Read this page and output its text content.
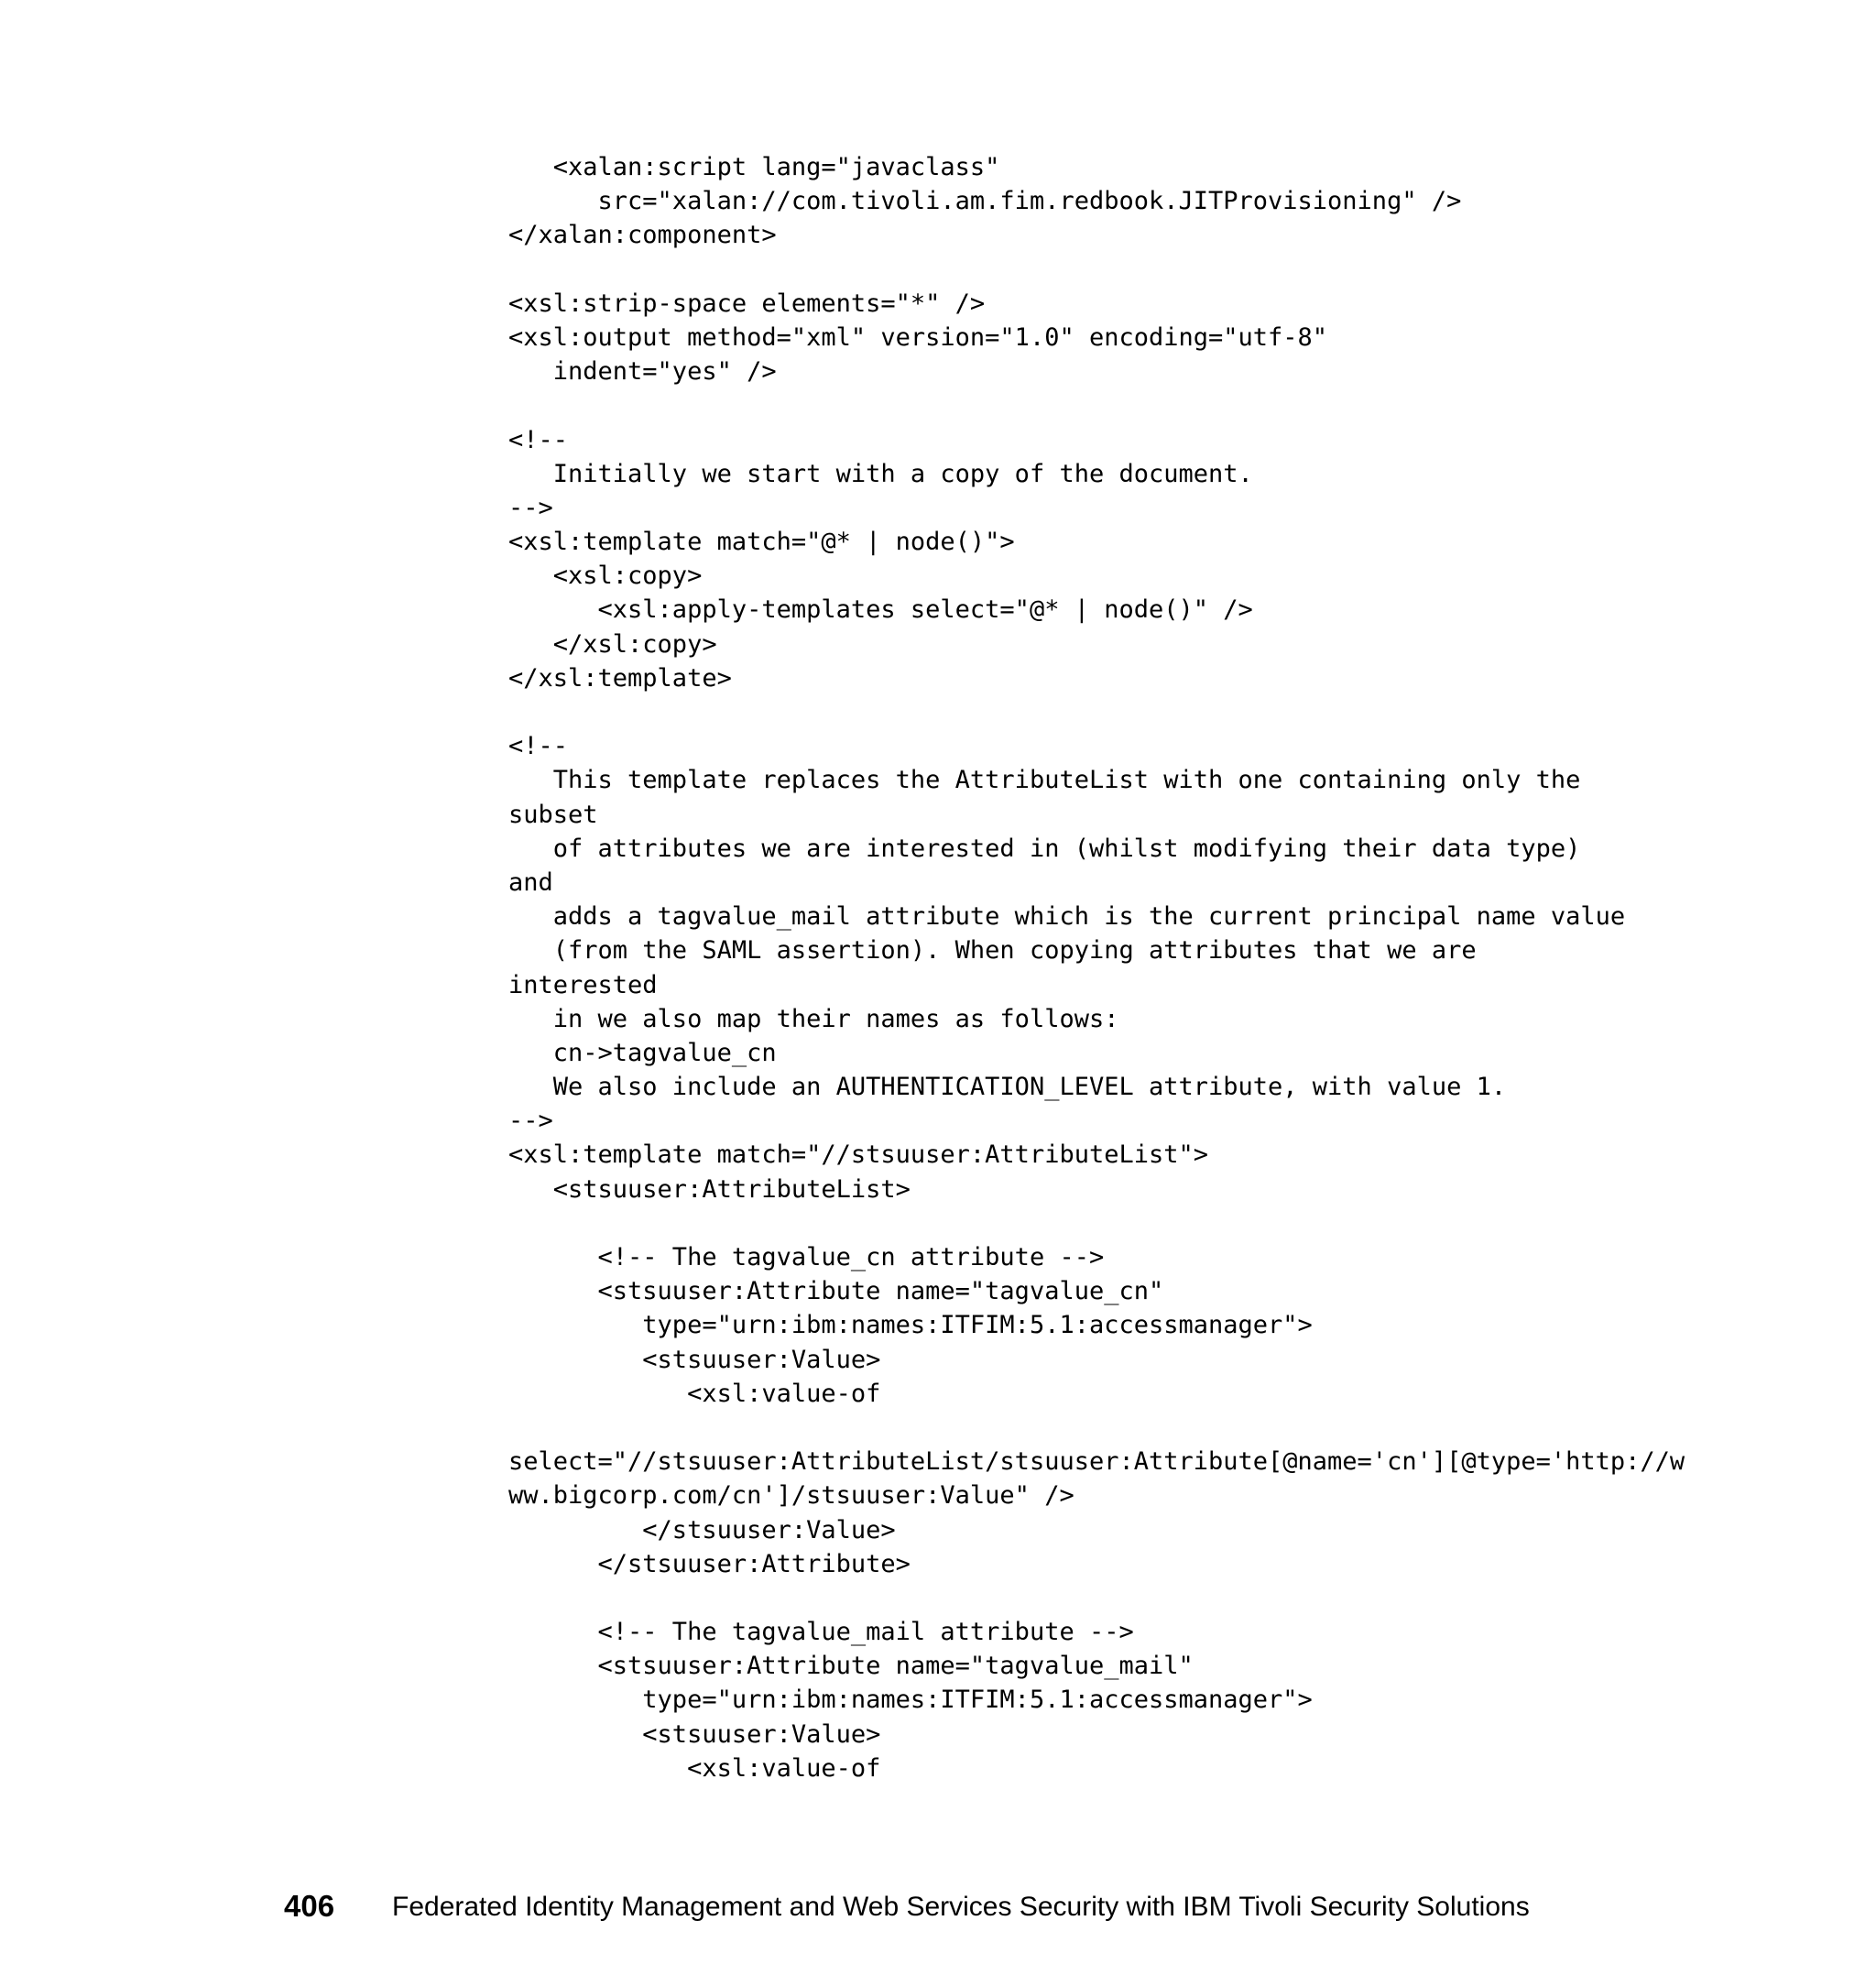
<xalan:script lang="javaclass"
src="xalan://com.tivoli.am.fim.redbook.JITProvisioning" />
</xalan:component>
<xsl:strip-space elements="*" />
<xsl:output method="xml" version="1.0" encoding="utf-8"
indent="yes" />
<!--
Initially we start with a copy of the document.
-->
<xsl:template match="@* | node()">
<xsl:copy>
<xsl:apply-templates select="@* | node()" />
</xsl:copy>
</xsl:template>
<!--
This template replaces the AttributeList with one containing only the
subset
of attributes we are interested in (whilst modifying their data type)
and
adds a tagvalue_mail attribute which is the current principal name value
(from the SAML assertion). When copying attributes that we are
interested
in we also map their names as follows:
cn->tagvalue_cn
We also include an AUTHENTICATION_LEVEL attribute, with value 1.
-->
<xsl:template match="//stsuuser:AttributeList">
<stsuuser:AttributeList>
<!-- The tagvalue_cn attribute -->
<stsuuser:Attribute name="tagvalue_cn"
type="urn:ibm:names:ITFIM:5.1:accessmanager">
<stsuuser:Value>
<xsl:value-of
select="//stsuuser:AttributeList/stsuuser:Attribute[@name='cn'][@type='http://w
ww.bigcorp.com/cn']/stsuuser:Value" />
</stsuuser:Value>
</stsuuser:Attribute>
<!-- The tagvalue_mail attribute -->
<stsuuser:Attribute name="tagvalue_mail"
type="urn:ibm:names:ITFIM:5.1:accessmanager">
<stsuuser:Value>
<xsl:value-of
406 Federated Identity Management and Web Services Security with IBM Tivoli Security Solutions
